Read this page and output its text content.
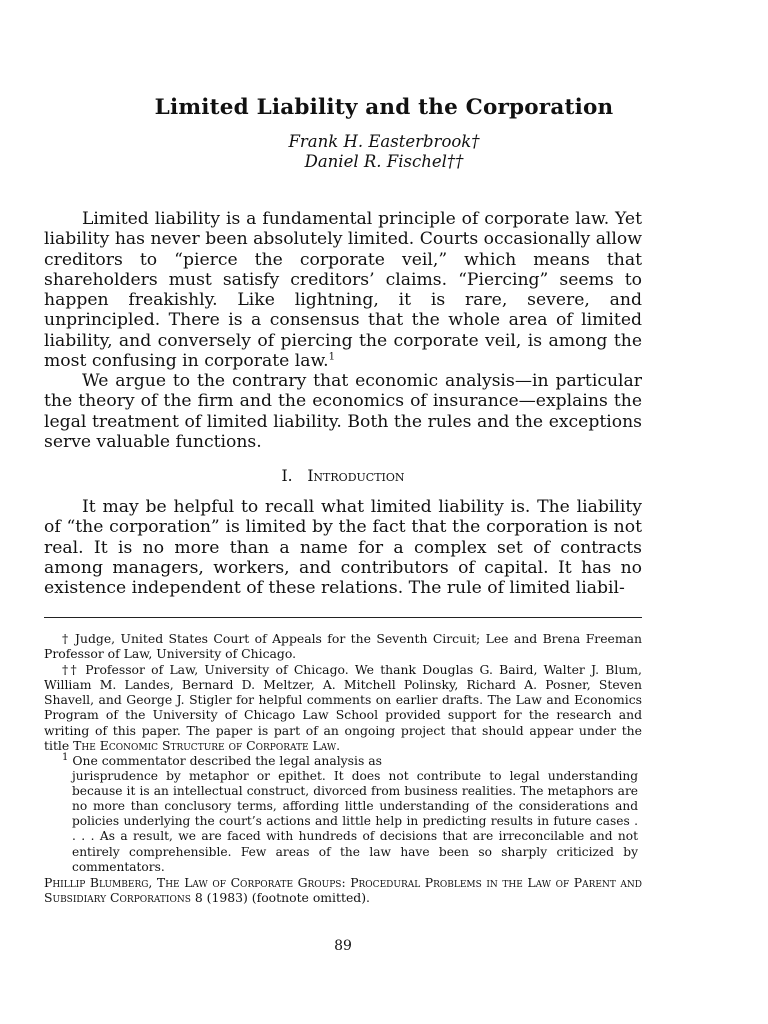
Limited Liability and the Corporation
Frank H. Easterbrook†
Daniel R. Fischel††

Limited liability is a fundamental principle of corporate law. Yet liability has never been absolutely limited. Courts occasionally allow creditors to “pierce the corporate veil,” which means that shareholders must satisfy creditors’ claims. “Piercing” seems to happen freakishly. Like lightning, it is rare, severe, and unprincipled. There is a consensus that the whole area of limited liability, and conversely of piercing the corporate veil, is among the most confusing in corporate law.$^1$

We argue to the contrary that economic analysis—in particular the theory of the firm and the economics of insurance—explains the legal treatment of limited liability. Both the rules and the exceptions serve valuable functions.

I. Introduction

It may be helpful to recall what limited liability is. The liability of “the corporation” is limited by the fact that the corporation is not real. It is no more than a name for a complex set of contracts among managers, workers, and contributors of capital. It has no existence independent of these relations. The rule of limited liabil-

† Judge, United States Court of Appeals for the Seventh Circuit; Lee and Brena Freeman Professor of Law, University of Chicago.

†† Professor of Law, University of Chicago. We thank Douglas G. Baird, Walter J. Blum, William M. Landes, Bernard D. Meltzer, A. Mitchell Polinsky, Richard A. Posner, Steven Shavell, and George J. Stigler for helpful comments on earlier drafts. The Law and Economics Program of the University of Chicago Law School provided support for the research and writing of this paper. The paper is part of an ongoing project that should appear under the title The Economic Structure of Corporate Law.

$^1$ One commentator described the legal analysis as

jurisprudence by metaphor or epithet. It does not contribute to legal understanding because it is an intellectual construct, divorced from business realities. The metaphors are no more than conclusory terms, affording little understanding of the considerations and policies underlying the court’s actions and little help in predicting results in future cases . . . . As a result, we are faced with hundreds of decisions that are irreconcilable and not entirely comprehensible. Few areas of the law have been so sharply criticized by commentators.

Phillip Blumberg, The Law of Corporate Groups: Procedural Problems in the Law of Parent and Subsidiary Corporations 8 (1983) (footnote omitted).

89
